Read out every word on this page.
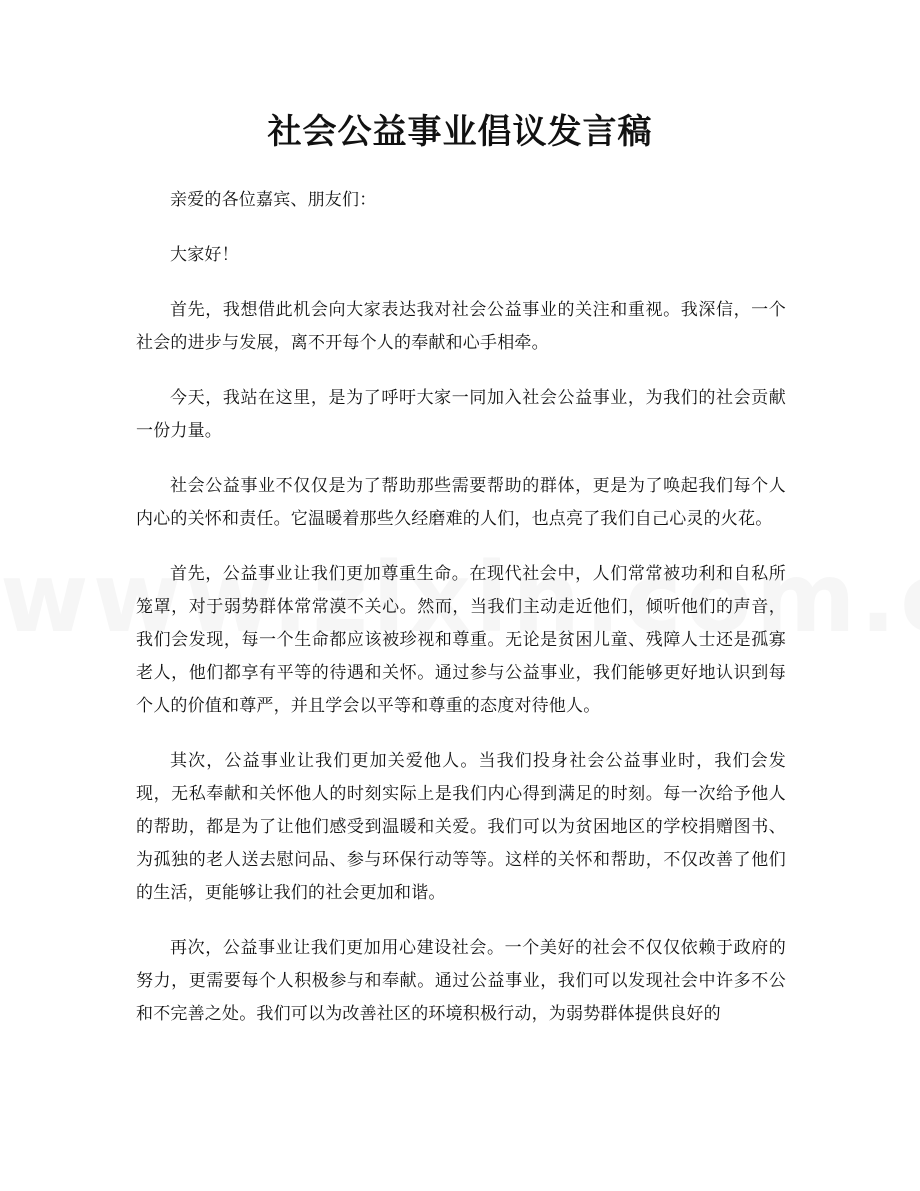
社会公益事业倡议发言稿

亲爱的各位嘉宾、朋友们：

大家好！

首先，我想借此机会向大家表达我对社会公益事业的关注和重视。我深信，一个社会的进步与发展，离不开每个人的奉献和心手相牵。

今天，我站在这里，是为了呼吁大家一同加入社会公益事业，为我们的社会贡献一份力量。

社会公益事业不仅仅是为了帮助那些需要帮助的群体，更是为了唤起我们每个人内心的关怀和责任。它温暖着那些久经磨难的人们，也点亮了我们自己心灵的火花。

首先，公益事业让我们更加尊重生命。在现代社会中，人们常常被功利和自私所笼罩，对于弱势群体常常漠不关心。然而，当我们主动走近他们，倾听他们的声音，我们会发现，每一个生命都应该被珍视和尊重。无论是贫困儿童、残障人士还是孤寡老人，他们都享有平等的待遇和关怀。通过参与公益事业，我们能够更好地认识到每个人的价值和尊严，并且学会以平等和尊重的态度对待他人。

其次，公益事业让我们更加关爱他人。当我们投身社会公益事业时，我们会发现，无私奉献和关怀他人的时刻实际上是我们内心得到满足的时刻。每一次给予他人的帮助，都是为了让他们感受到温暖和关爱。我们可以为贫困地区的学校捐赠图书、为孤独的老人送去慰问品、参与环保行动等等。这样的关怀和帮助，不仅改善了他们的生活，更能够让我们的社会更加和谐。

再次，公益事业让我们更加用心建设社会。一个美好的社会不仅仅依赖于政府的努力，更需要每个人积极参与和奉献。通过公益事业，我们可以发现社会中许多不公和不完善之处。我们可以为改善社区的环境积极行动，为弱势群体提供良好的
